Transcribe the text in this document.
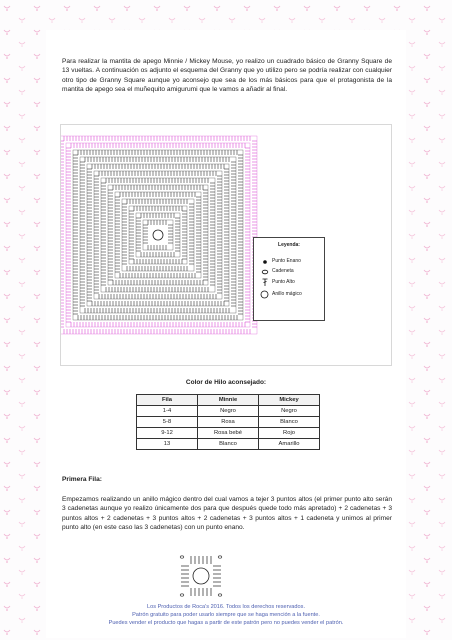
Para realizar la mantita de apego Minnie / Mickey Mouse, yo realizo un cuadrado básico de Granny Square de 13 vueltas. A continuación os adjunto el esquema del Granny que yo utilizo pero se podría realizar con cualquier otro tipo de Granny Square aunque yo aconsejo que sea de los más básicos para que el protagonista de la mantita de apego sea el muñequito amigurumi que le vamos a añadir al final.

Leyenda:
Punto Enano
Cadeneta
Punto Alto
Anillo mágico

Color de Hilo aconsejado:

Fila	Minnie	Mickey
1-4	Negro	Negro
5-8	Rosa	Blanco
9-12	Rosa bebé	Rojo
13	Blanco	Amarillo

Primera Fila:

Empezamos realizando un anillo mágico dentro del cual vamos a tejer 3 puntos altos (el primer punto alto serán 3 cadenetas aunque yo realizo únicamente dos para que después quede todo más apretado) + 2 cadenetas + 3 puntos altos + 2 cadenetas + 3 puntos altos + 2 cadenetas + 3 puntos altos + 1 cadeneta y unimos al primer punto alto (en este caso las 3 cadenetas) con un punto enano.

Los Productos de Roca's 2016. Todos los derechos reservados.

Patrón gratuito para poder usarlo siempre que se haga mención a la fuente.

Puedes vender el producto que hagas a partir de este patrón pero no puedes vender el patrón.
